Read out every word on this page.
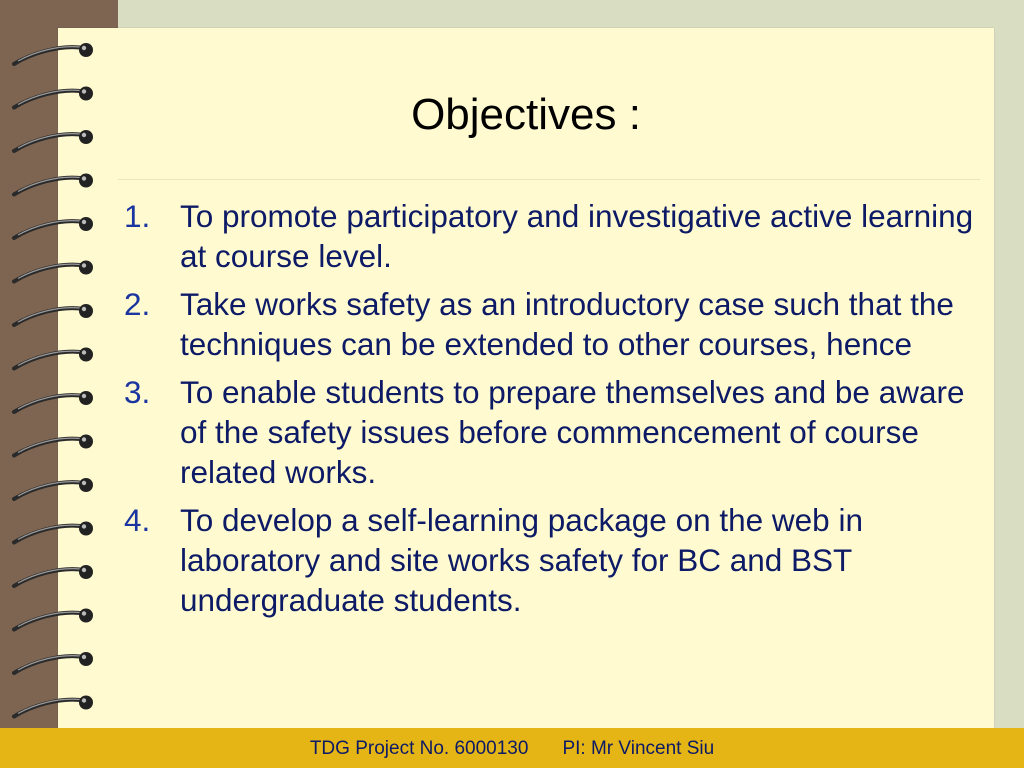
Objectives :
1. To promote participatory and investigative active learning at course level.
2. Take works safety as an introductory case such that the techniques can be extended to other courses, hence
3. To enable students to prepare themselves and be aware of the safety issues before commencement of course related works.
4. To develop a self-learning package on the web in laboratory and site works safety for BC and BST undergraduate students.
TDG Project No. 6000130 PI: Mr Vincent Siu
